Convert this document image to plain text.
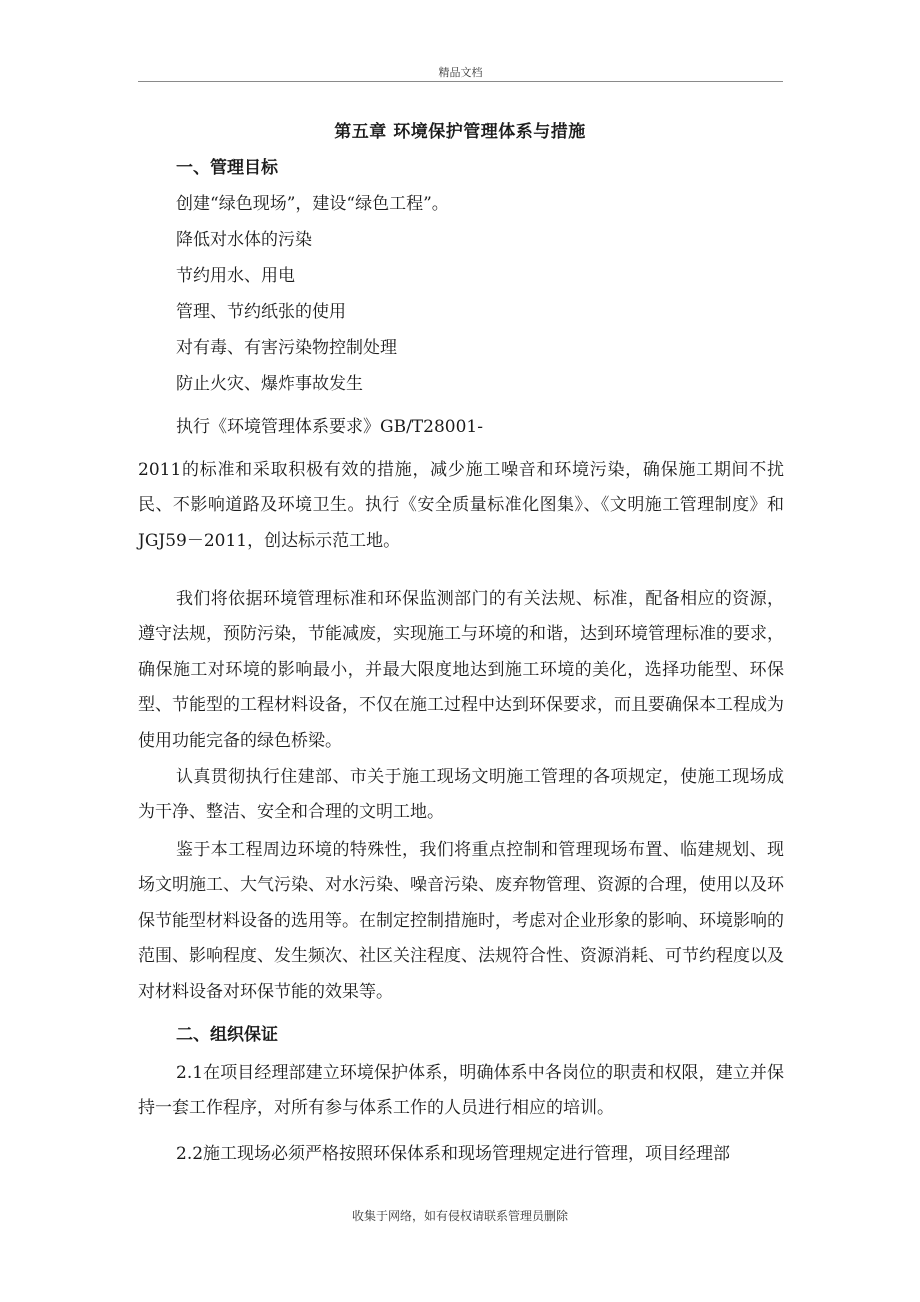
精品文档
第五章 环境保护管理体系与措施
一、管理目标
创建“绿色现场”，建设“绿色工程”。
降低对水体的污染
节约用水、用电
管理、节约纸张的使用
对有毒、有害污染物控制处理
防止火灾、爆炸事故发生
执行《环境管理体系要求》GB/T28001-

2011的标准和采取积极有效的措施，减少施工噪音和环境污染，确保施工期间不扰民、不影响道路及环境卫生。执行《安全质量标准化图集》、《文明施工管理制度》和JGJ59－2011，创达标示范工地。

我们将依据环境管理标准和环保监测部门的有关法规、标准，配备相应的资源，遵守法规，预防污染，节能减废，实现施工与环境的和谐，达到环境管理标准的要求，确保施工对环境的影响最小，并最大限度地达到施工环境的美化，选择功能型、环保型、节能型的工程材料设备，不仅在施工过程中达到环保要求，而且要确保本工程成为使用功能完备的绿色桥梁。

认真贯彻执行住建部、市关于施工现场文明施工管理的各项规定，使施工现场成为干净、整洁、安全和合理的文明工地。

鉴于本工程周边环境的特殊性，我们将重点控制和管理现场布置、临建规划、现场文明施工、大气污染、对水污染、噪音污染、废弃物管理、资源的合理，使用以及环保节能型材料设备的选用等。在制定控制措施时，考虑对企业形象的影响、环境影响的范围、影响程度、发生频次、社区关注程度、法规符合性、资源消耗、可节约程度以及对材料设备对环保节能的效果等。

二、组织保证

2.1在项目经理部建立环境保护体系，明确体系中各岗位的职责和权限，建立并保持一套工作程序，对所有参与体系工作的人员进行相应的培训。

2.2施工现场必须严格按照环保体系和现场管理规定进行管理，项目经理部

收集于网络，如有侵权请联系管理员删除
